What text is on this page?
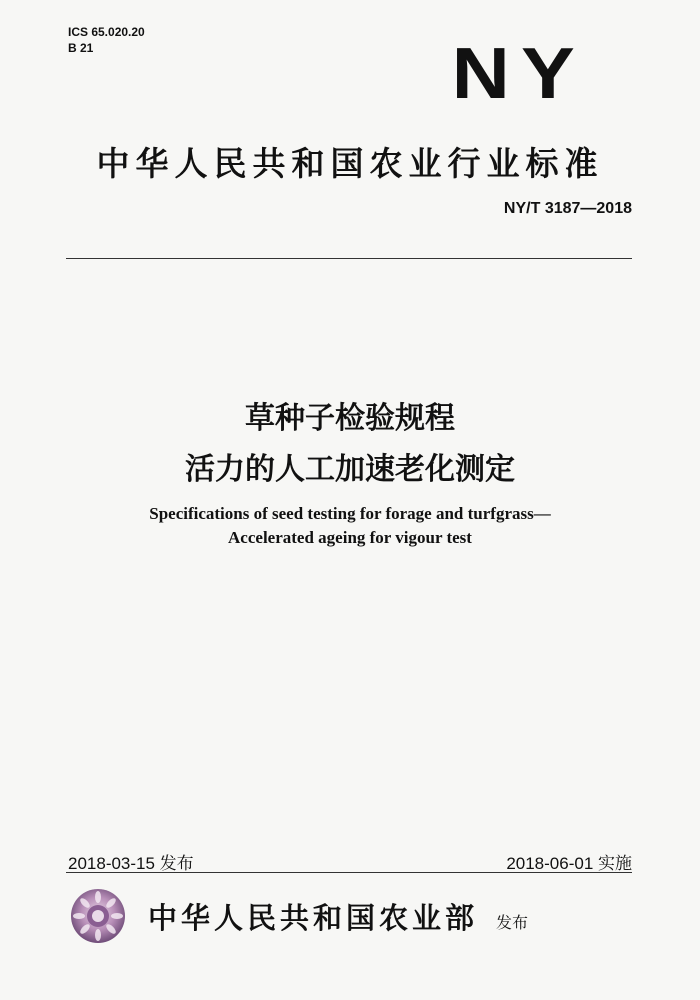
ICS 65.020.20
B 21	NY
中华人民共和国农业行业标准
NY/T 3187—2018
草种子检验规程
活力的人工加速老化测定
Specifications of seed testing for forage and turfgrass—
Accelerated ageing for vigour test
2018-03-15 发布	2018-06-01 实施
中华人民共和国农业部 发布
